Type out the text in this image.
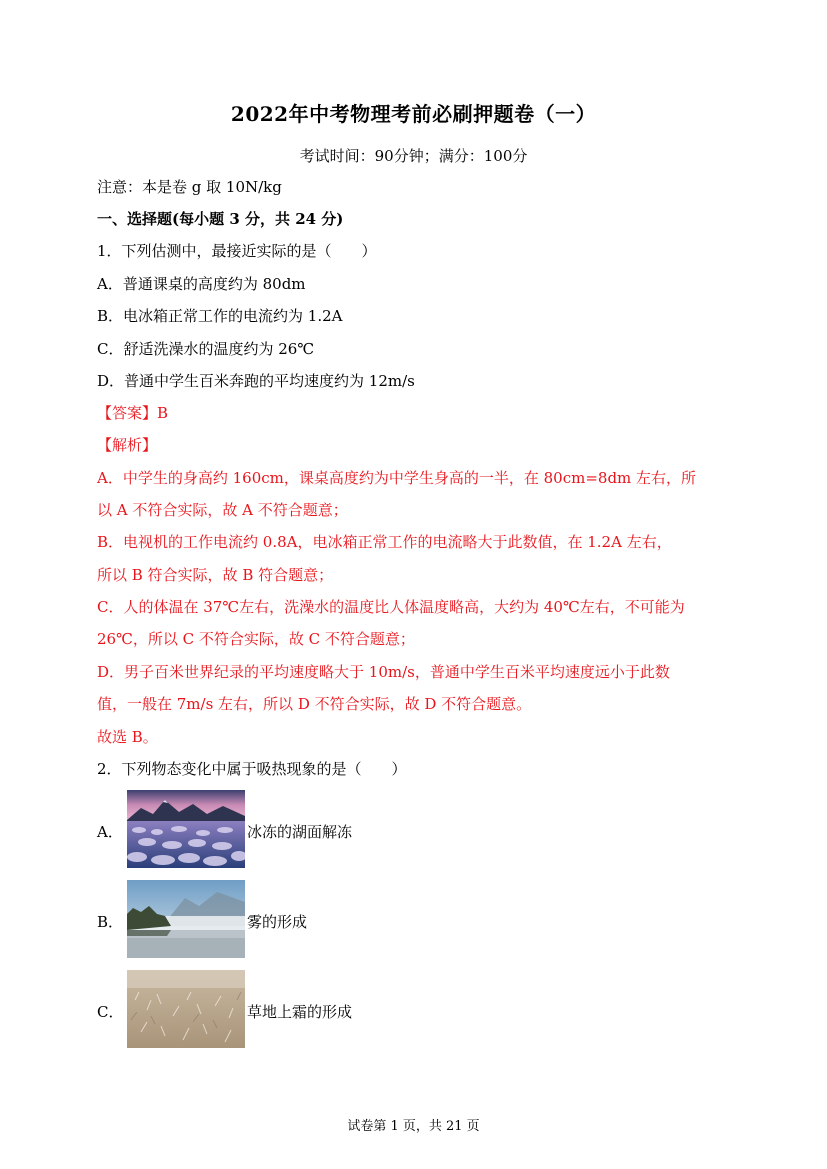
2022年中考物理考前必刷押题卷（一）
考试时间：90分钟；满分：100分
注意：本是卷 g 取 10N/kg
一、选择题(每小题 3 分，共 24 分)
1．下列估测中，最接近实际的是（　　）
A．普通课桌的高度约为 80dm
B．电冰箱正常工作的电流约为 1.2A
C．舒适洗澡水的温度约为 26℃
D．普通中学生百米奔跑的平均速度约为 12m/s
【答案】B
【解析】
A．中学生的身高约 160cm，课桌高度约为中学生身高的一半，在 80cm=8dm 左右，所
以 A 不符合实际，故 A 不符合题意；
B．电视机的工作电流约 0.8A，电冰箱正常工作的电流略大于此数值，在 1.2A 左右，
所以 B 符合实际，故 B 符合题意；
C．人的体温在 37℃左右，洗澡水的温度比人体温度略高，大约为 40℃左右，不可能为
26℃，所以 C 不符合实际，故 C 不符合题意；
D．男子百米世界纪录的平均速度略大于 10m/s，普通中学生百米平均速度远小于此数
值，一般在 7m/s 左右，所以 D 不符合实际，故 D 不符合题意。
故选 B。
2．下列物态变化中属于吸热现象的是（　　）
A．	冰冻的湖面解冻
B．	雾的形成
C．	草地上霜的形成
试卷第 1 页，共 21 页
